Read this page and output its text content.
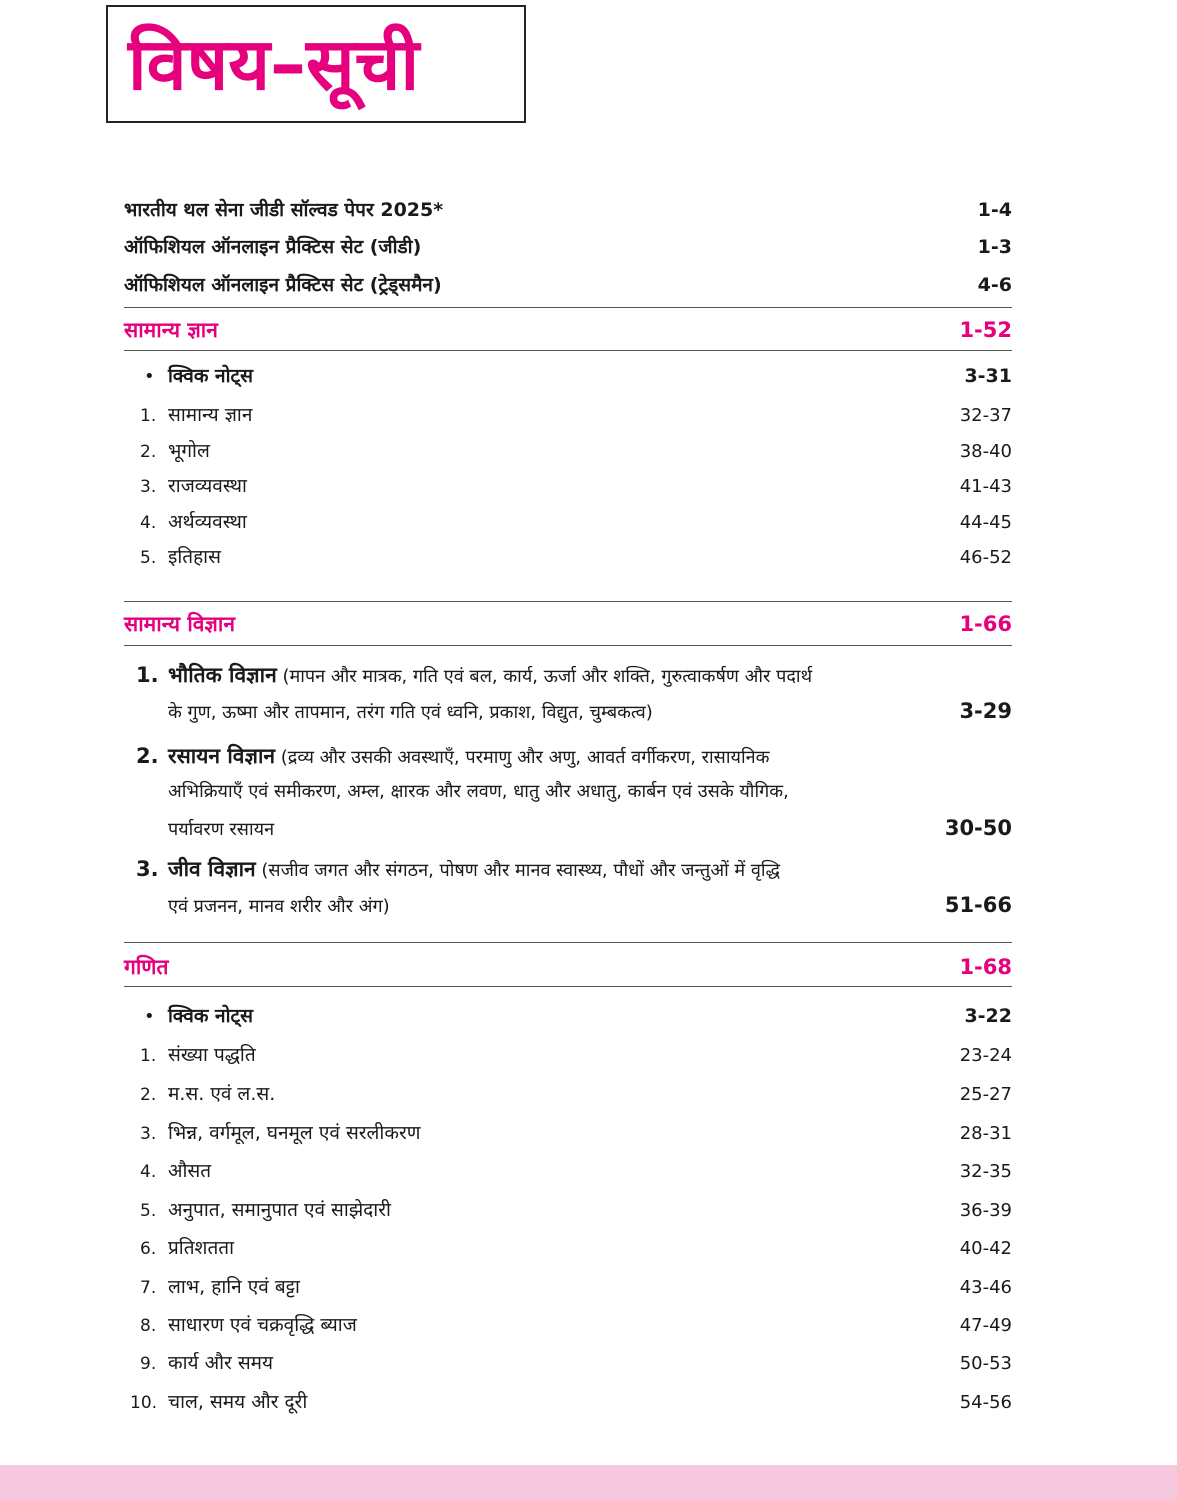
विषय–सूची
भारतीय थल सेना जीडी सॉल्वड पेपर 2025*	1-4
ऑफिशियल ऑनलाइन प्रैक्टिस सेट (जीडी)	1-3
ऑफिशियल ऑनलाइन प्रैक्टिस सेट (ट्रेड्समैन)	4-6
सामान्य ज्ञान	1-52
• क्विक नोट्स	3-31
1. सामान्य ज्ञान	32-37
2. भूगोल	38-40
3. राजव्यवस्था	41-43
4. अर्थव्यवस्था	44-45
5. इतिहास	46-52
सामान्य विज्ञान	1-66
1. भौतिक विज्ञान (मापन और मात्रक, गति एवं बल, कार्य, ऊर्जा और शक्ति, गुरुत्वाकर्षण और पदार्थ
के गुण, ऊष्मा और तापमान, तरंग गति एवं ध्वनि, प्रकाश, विद्युत, चुम्बकत्व)	3-29
2. रसायन विज्ञान (द्रव्य और उसकी अवस्थाएँ, परमाणु और अणु, आवर्त वर्गीकरण, रासायनिक
अभिक्रियाएँ एवं समीकरण, अम्ल, क्षारक और लवण, धातु और अधातु, कार्बन एवं उसके यौगिक,
पर्यावरण रसायन	30-50
3. जीव विज्ञान (सजीव जगत और संगठन, पोषण और मानव स्वास्थ्य, पौधों और जन्तुओं में वृद्धि
एवं प्रजनन, मानव शरीर और अंग)	51-66
गणित	1-68
• क्विक नोट्स	3-22
1. संख्या पद्धति	23-24
2. म.स. एवं ल.स.	25-27
3. भिन्न, वर्गमूल, घनमूल एवं सरलीकरण	28-31
4. औसत	32-35
5. अनुपात, समानुपात एवं साझेदारी	36-39
6. प्रतिशतता	40-42
7. लाभ, हानि एवं बट्टा	43-46
8. साधारण एवं चक्रवृद्धि ब्याज	47-49
9. कार्य और समय	50-53
10. चाल, समय और दूरी	54-56
